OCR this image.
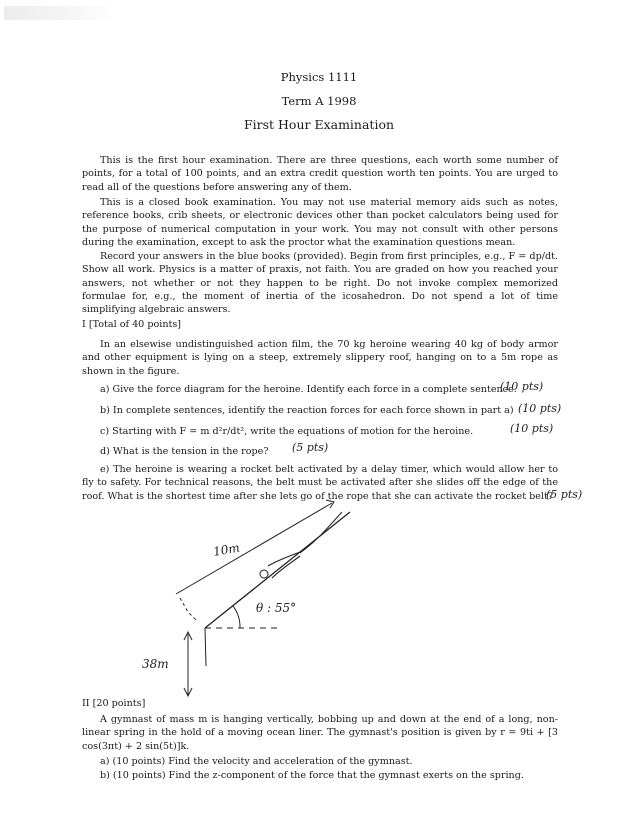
Physics 1111
Term A 1998
First Hour Examination
This is the first hour examination. There are three questions, each worth some number of points, for a total of 100 points, and an extra credit question worth ten points. You are urged to read all of the questions before answering any of them.
This is a closed book examination. You may not use material memory aids such as notes, reference books, crib sheets, or electronic devices other than pocket calculators being used for the purpose of numerical computation in your work. You may not consult with other persons during the examination, except to ask the proctor what the examination questions mean.
Record your answers in the blue books (provided). Begin from first principles, e.g., F = dp/dt. Show all work. Physics is a matter of praxis, not faith. You are graded on how you reached your answers, not whether or not they happen to be right. Do not invoke complex memorized formulae for, e.g., the moment of inertia of the icosahedron. Do not spend a lot of time simplifying algebraic answers.
I [Total of 40 points]
In an elsewise undistinguished action film, the 70 kg heroine wearing 40 kg of body armor and other equipment is lying on a steep, extremely slippery roof, hanging on to a 5m rope as shown in the figure.
a) Give the force diagram for the heroine. Identify each force in a complete sentence.
(10 pts)
b) In complete sentences, identify the reaction forces for each force shown in part a) (10 pts)
c) Starting with F = m d²r/dt², write the equations of motion for the heroine.	(10 pts)
d) What is the tension in the rope? (5 pts)
e) The heroine is wearing a rocket belt activated by a delay timer, which would allow her to fly to safety. For technical reasons, the belt must be activated after she slides off the edge of the roof. What is the shortest time after she lets go of the rope that she can activate the rocket belt?
(5 pts)
10m
θ : 55°
38m
II [20 points]
A gymnast of mass m is hanging vertically, bobbing up and down at the end of a long, non-linear spring in the hold of a moving ocean liner. The gymnast's position is given by r = 9ti + [3 cos(3πt) + 2 sin(5t)]k.
a) (10 points) Find the velocity and acceleration of the gymnast.
b) (10 points) Find the z-component of the force that the gymnast exerts on the spring.
